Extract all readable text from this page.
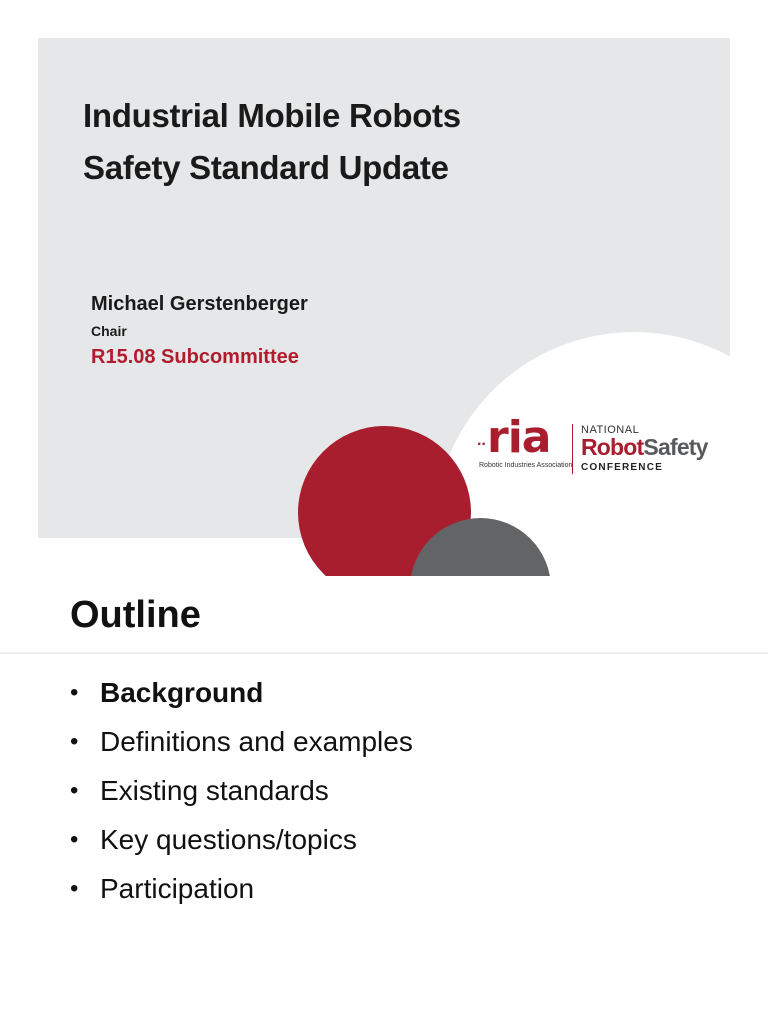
Industrial Mobile Robots
Safety Standard Update
Michael Gerstenberger
Chair
R15.08 Subcommittee
·· ria
Robotic Industries Association
NATIONAL
RobotSafety
CONFERENCE
Outline
• Background
• Definitions and examples
• Existing standards
• Key questions/topics
• Participation
